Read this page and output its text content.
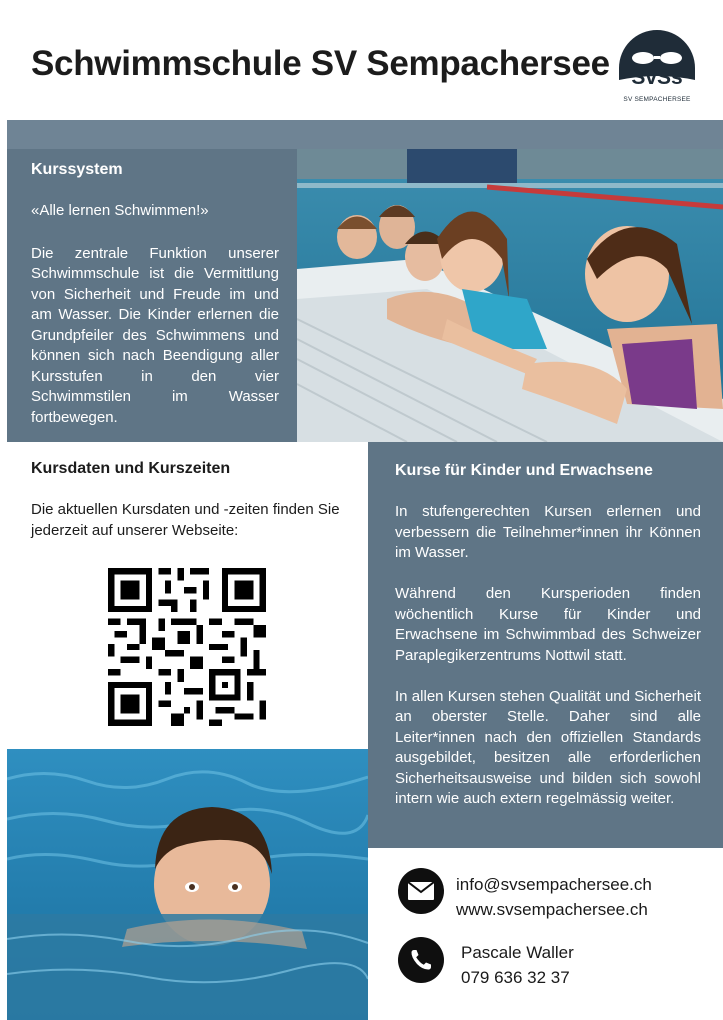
Schwimmschule SV Sempachersee	SvSs
SV SEMPACHERSEE
Kurssystem

«Alle lernen Schwimmen!»

Die zentrale Funktion unserer Schwimmschule ist die Vermittlung von Sicherheit und Freude im und am Wasser. Die Kinder erlernen die Grundpfeiler des Schwimmens und können sich nach Beendigung aller Kursstufen in den vier Schwimmstilen im Wasser fortbewegen.

Kursdaten und Kurszeiten

Die aktuellen Kursdaten und -zeiten finden Sie jederzeit auf unserer Webseite:

Kurse für Kinder und Erwachsene

In stufengerechten Kursen erlernen und verbessern die Teilnehmer*innen ihr Können im Wasser.

Während den Kursperioden finden wöchentlich Kurse für Kinder und Erwachsene im Schwimmbad des Schweizer Paraplegikerzentrums Nottwil statt.

In allen Kursen stehen Qualität und Sicherheit an oberster Stelle. Daher sind alle Leiter*innen nach den offiziellen Standards ausgebildet, besitzen alle erforderlichen Sicherheitsausweise und bilden sich sowohl intern wie auch extern regelmässig weiter.

info@svsempachersee.ch
www.svsempachersee.ch
Pascale Waller
079 636 32 37
